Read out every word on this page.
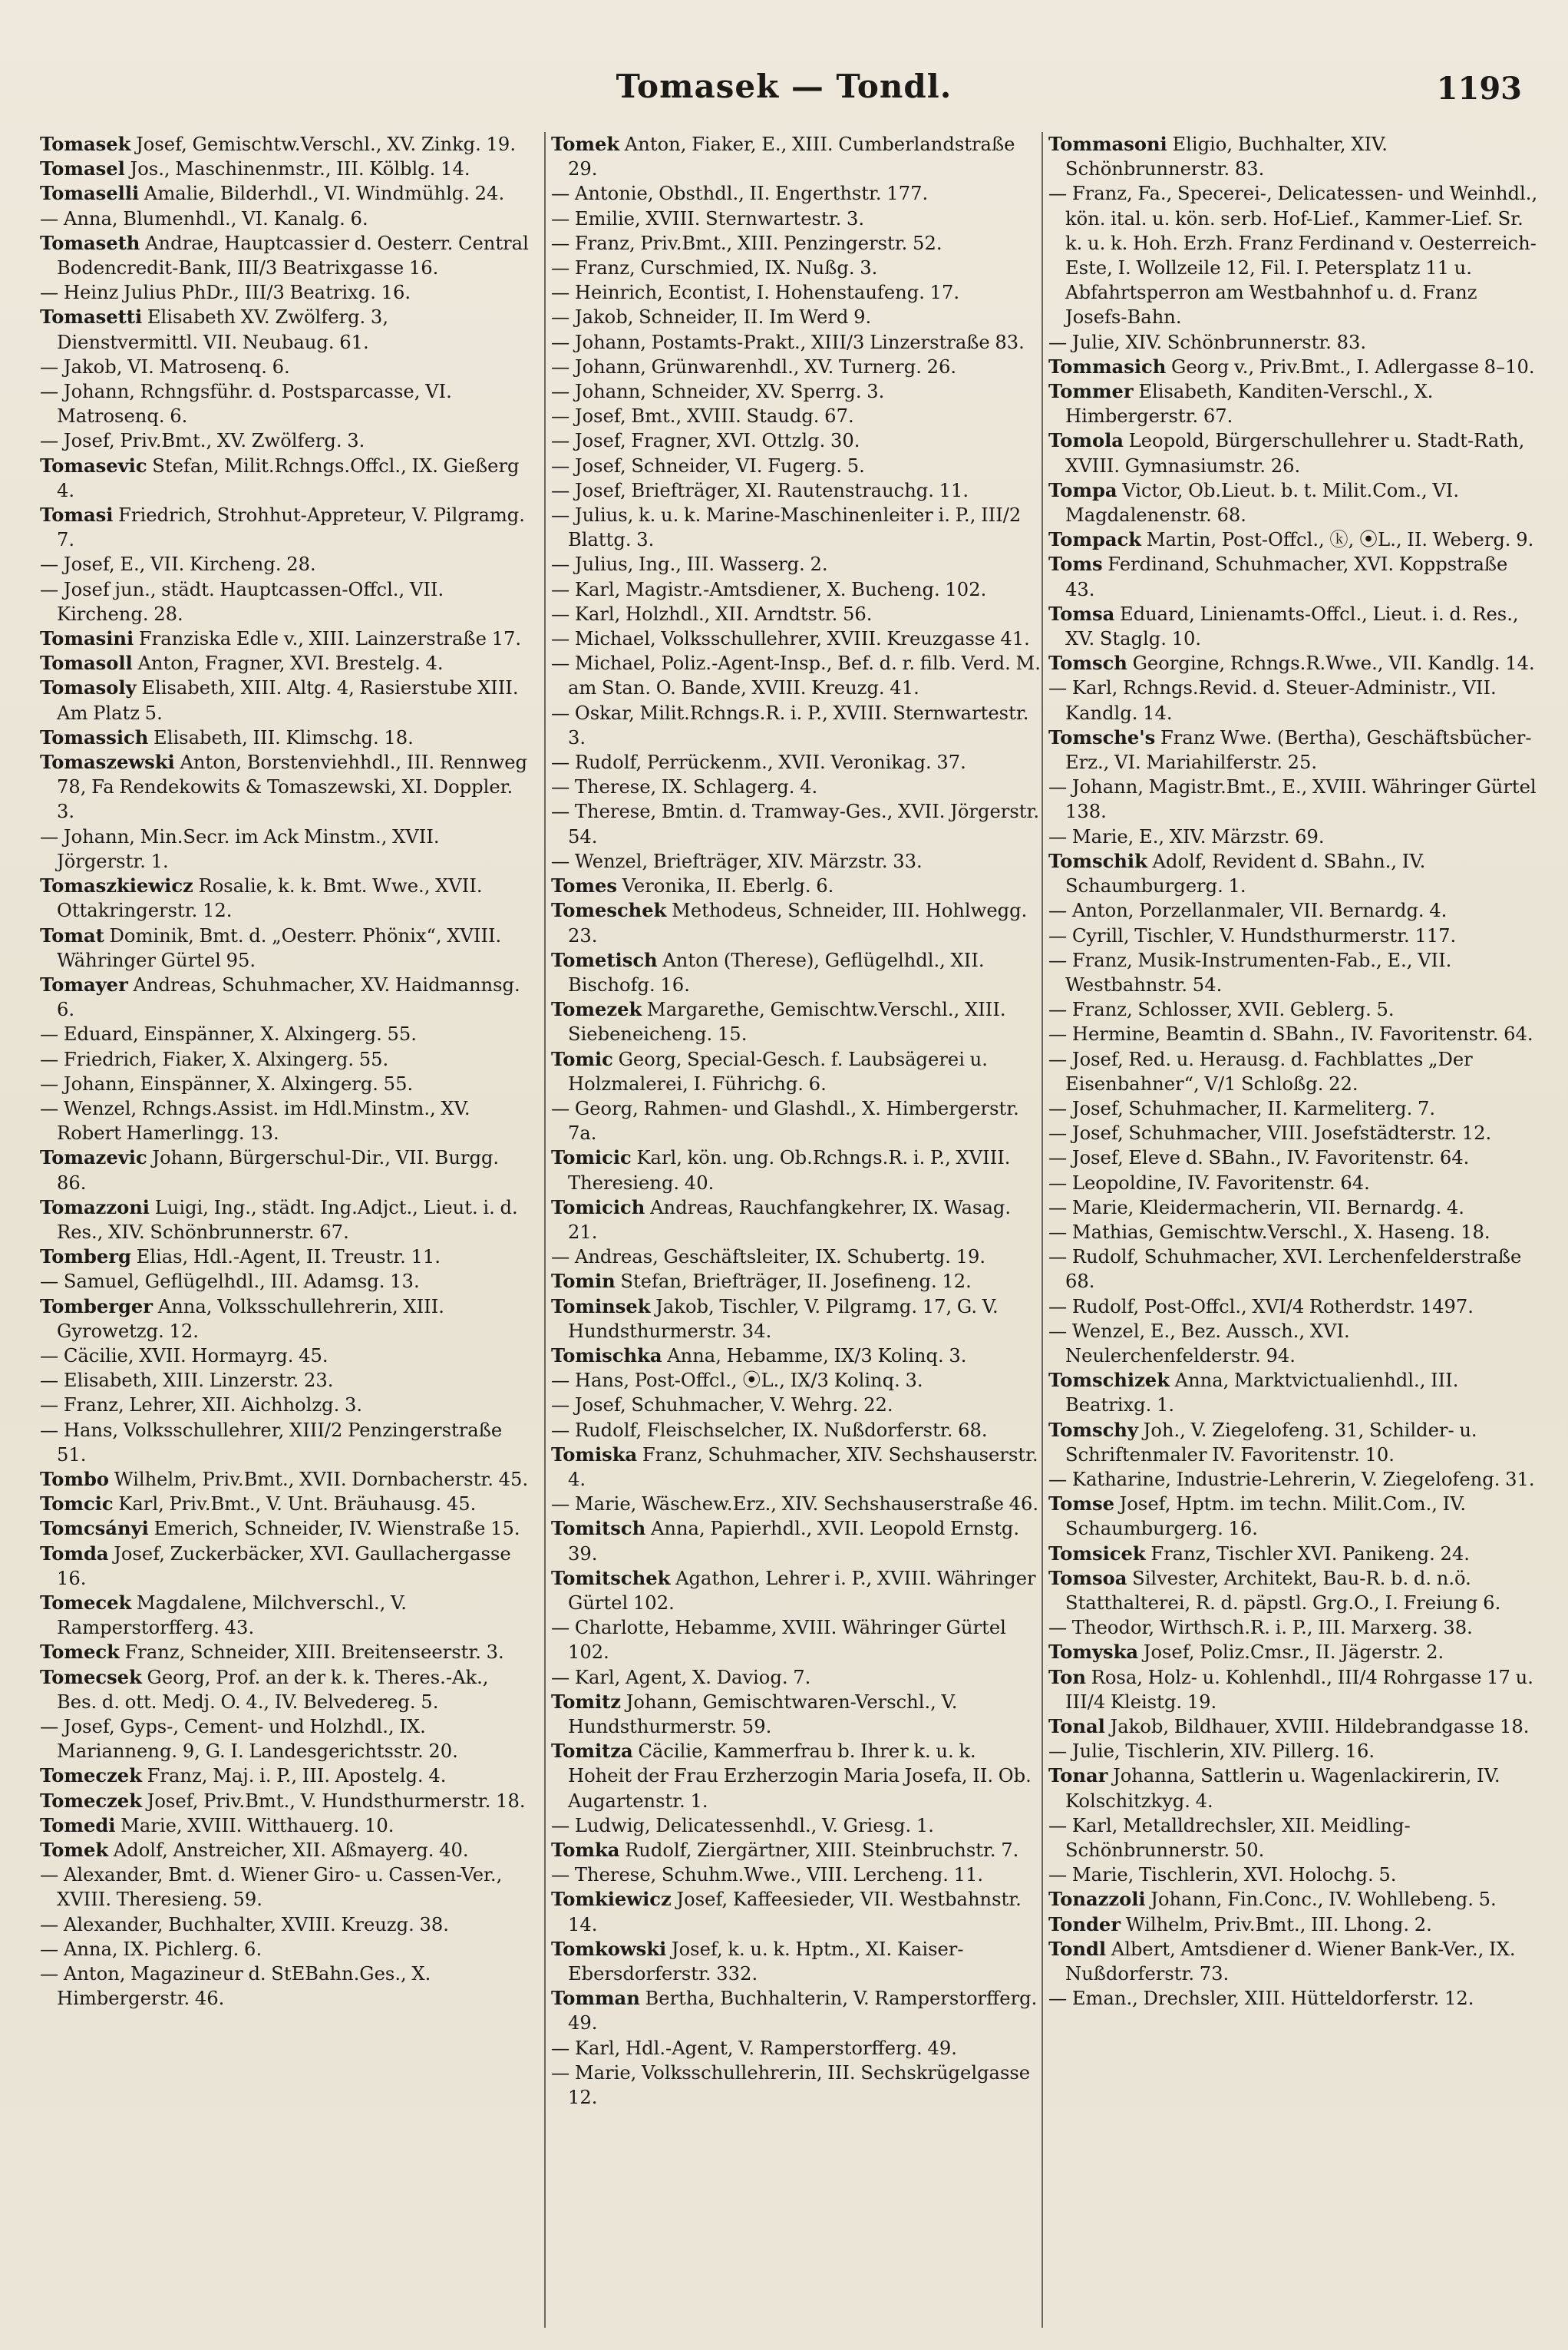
Tomasek — Tondl.	1193
Tomasek Josef, Gemischtw.Verschl., XV. Zinkg. 19.
Tomasel Jos., Maschinenmstr., III. Kölblg. 14.
Tomaselli Amalie, Bilderhdl., VI. Windmühlg. 24.
— Anna, Blumenhdl., VI. Kanalg. 6.
Tomaseth Andrae, Hauptcassier d. Oesterr. Central Bodencredit-Bank, III/3 Beatrixgasse 16.
— Heinz Julius PhDr., III/3 Beatrixg. 16.
Tomasetti Elisabeth XV. Zwölferg. 3, Dienstvermittl. VII. Neubaug. 61.
— Jakob, VI. Matrosenq. 6.
— Johann, Rchngsführ. d. Postsparcasse, VI. Matrosenq. 6.
— Josef, Priv.Bmt., XV. Zwölferg. 3.
Tomasevic Stefan, Milit.Rchngs.Offcl., IX. Gießerg 4.
Tomasi Friedrich, Strohhut-Appreteur, V. Pilgramg. 7.
— Josef, E., VII. Kircheng. 28.
— Josef jun., städt. Hauptcassen-Offcl., VII. Kircheng. 28.
Tomasini Franziska Edle v., XIII. Lainzerstraße 17.
Tomasoll Anton, Fragner, XVI. Brestelg. 4.
Tomasoly Elisabeth, XIII. Altg. 4, Rasierstube XIII. Am Platz 5.
Tomassich Elisabeth, III. Klimschg. 18.
Tomaszewski Anton, Borstenviehhdl., III. Rennweg 78, Fa Rendekowits & Tomaszewski, XI. Doppler. 3.
— Johann, Min.Secr. im Ack Minstm., XVII. Jörgerstr. 1.
Tomaszkiewicz Rosalie, k. k. Bmt. Wwe., XVII. Ottakringerstr. 12.
Tomat Dominik, Bmt. d. „Oesterr. Phönix“, XVIII. Währinger Gürtel 95.
Tomayer Andreas, Schuhmacher, XV. Haidmannsg. 6.
— Eduard, Einspänner, X. Alxingerg. 55.
— Friedrich, Fiaker, X. Alxingerg. 55.
— Johann, Einspänner, X. Alxingerg. 55.
— Wenzel, Rchngs.Assist. im Hdl.Minstm., XV. Robert Hamerlingg. 13.
Tomazevic Johann, Bürgerschul-Dir., VII. Burgg. 86.
Tomazzoni Luigi, Ing., städt. Ing.Adjct., Lieut. i. d. Res., XIV. Schönbrunnerstr. 67.
Tomberg Elias, Hdl.-Agent, II. Treustr. 11.
— Samuel, Geflügelhdl., III. Adamsg. 13.
Tomberger Anna, Volksschullehrerin, XIII. Gyrowetzg. 12.
— Cäcilie, XVII. Hormayrg. 45.
— Elisabeth, XIII. Linzerstr. 23.
— Franz, Lehrer, XII. Aichholzg. 3.
— Hans, Volksschullehrer, XIII/2 Penzingerstraße 51.
Tombo Wilhelm, Priv.Bmt., XVII. Dornbacherstr. 45.
Tomcic Karl, Priv.Bmt., V. Unt. Bräuhausg. 45.
Tomcsányi Emerich, Schneider, IV. Wienstraße 15.
Tomda Josef, Zuckerbäcker, XVI. Gaullachergasse 16.
Tomecek Magdalene, Milchverschl., V. Ramperstorfferg. 43.
Tomeck Franz, Schneider, XIII. Breitenseerstr. 3.
Tomecsek Georg, Prof. an der k. k. Theres.-Ak., Bes. d. ott. Medj. O. 4., IV. Belvedereg. 5.
— Josef, Gyps-, Cement- und Holzhdl., IX. Marianneng. 9, G. I. Landesgerichtsstr. 20.
Tomeczek Franz, Maj. i. P., III. Apostelg. 4.
Tomeczek Josef, Priv.Bmt., V. Hundsthurmerstr. 18.
Tomedi Marie, XVIII. Witthauerg. 10.
Tomek Adolf, Anstreicher, XII. Aßmayerg. 40.
— Alexander, Bmt. d. Wiener Giro- u. Cassen-Ver., XVIII. Theresieng. 59.
— Alexander, Buchhalter, XVIII. Kreuzg. 38.
— Anna, IX. Pichlerg. 6.
— Anton, Magazineur d. StEBahn.Ges., X. Himbergerstr. 46.
Tomek Anton, Fiaker, E., XIII. Cumberlandstraße 29.
— Antonie, Obsthdl., II. Engerthstr. 177.
— Emilie, XVIII. Sternwartestr. 3.
— Franz, Priv.Bmt., XIII. Penzingerstr. 52.
— Franz, Curschmied, IX. Nußg. 3.
— Heinrich, Econtist, I. Hohenstaufeng. 17.
— Jakob, Schneider, II. Im Werd 9.
— Johann, Postamts-Prakt., XIII/3 Linzerstraße 83.
— Johann, Grünwarenhdl., XV. Turnerg. 26.
— Johann, Schneider, XV. Sperrg. 3.
— Josef, Bmt., XVIII. Staudg. 67.
— Josef, Fragner, XVI. Ottzlg. 30.
— Josef, Schneider, VI. Fugerg. 5.
— Josef, Briefträger, XI. Rautenstrauchg. 11.
— Julius, k. u. k. Marine-Maschinenleiter i. P., III/2 Blattg. 3.
— Julius, Ing., III. Wasserg. 2.
— Karl, Magistr.-Amtsdiener, X. Bucheng. 102.
— Karl, Holzhdl., XII. Arndtstr. 56.
— Michael, Volksschullehrer, XVIII. Kreuzgasse 41.
— Michael, Poliz.-Agent-Insp., Bef. d. r. filb. Verd. M. am Stan. O. Bande, XVIII. Kreuzg. 41.
— Oskar, Milit.Rchngs.R. i. P., XVIII. Sternwartestr. 3.
— Rudolf, Perrückenm., XVII. Veronikag. 37.
— Therese, IX. Schlagerg. 4.
— Therese, Bmtin. d. Tramway-Ges., XVII. Jörgerstr. 54.
— Wenzel, Briefträger, XIV. Märzstr. 33.
Tomes Veronika, II. Eberlg. 6.
Tomeschek Methodeus, Schneider, III. Hohlwegg. 23.
Tometisch Anton (Therese), Geflügelhdl., XII. Bischofg. 16.
Tomezek Margarethe, Gemischtw.Verschl., XIII. Siebeneicheng. 15.
Tomic Georg, Special-Gesch. f. Laubsägerei u. Holzmalerei, I. Führichg. 6.
— Georg, Rahmen- und Glashdl., X. Himbergerstr. 7a.
Tomicic Karl, kön. ung. Ob.Rchngs.R. i. P., XVIII. Theresieng. 40.
Tomicich Andreas, Rauchfangkehrer, IX. Wasag. 21.
— Andreas, Geschäftsleiter, IX. Schubertg. 19.
Tomin Stefan, Briefträger, II. Josefineng. 12.
Tominsek Jakob, Tischler, V. Pilgramg. 17, G. V. Hundsthurmerstr. 34.
Tomischka Anna, Hebamme, IX/3 Kolinq. 3.
— Hans, Post-Offcl., ⦿L., IX/3 Kolinq. 3.
— Josef, Schuhmacher, V. Wehrg. 22.
— Rudolf, Fleischselcher, IX. Nußdorferstr. 68.
Tomiska Franz, Schuhmacher, XIV. Sechshauserstr. 4.
— Marie, Wäschew.Erz., XIV. Sechshauserstraße 46.
Tomitsch Anna, Papierhdl., XVII. Leopold Ernstg. 39.
Tomitschek Agathon, Lehrer i. P., XVIII. Währinger Gürtel 102.
— Charlotte, Hebamme, XVIII. Währinger Gürtel 102.
— Karl, Agent, X. Daviog. 7.
Tomitz Johann, Gemischtwaren-Verschl., V. Hundsthurmerstr. 59.
Tomitza Cäcilie, Kammerfrau b. Ihrer k. u. k. Hoheit der Frau Erzherzogin Maria Josefa, II. Ob. Augartenstr. 1.
— Ludwig, Delicatessenhdl., V. Griesg. 1.
Tomka Rudolf, Ziergärtner, XIII. Steinbruchstr. 7.
— Therese, Schuhm.Wwe., VIII. Lercheng. 11.
Tomkiewicz Josef, Kaffeesieder, VII. Westbahnstr. 14.
Tomkowski Josef, k. u. k. Hptm., XI. Kaiser-Ebersdorferstr. 332.
Tomman Bertha, Buchhalterin, V. Ramperstorfferg. 49.
— Karl, Hdl.-Agent, V. Ramperstorfferg. 49.
— Marie, Volksschullehrerin, III. Sechskrügelgasse 12.
Tommasoni Eligio, Buchhalter, XIV. Schönbrunnerstr. 83.
— Franz, Fa., Specerei-, Delicatessen- und Weinhdl., kön. ital. u. kön. serb. Hof-Lief., Kammer-Lief. Sr. k. u. k. Hoh. Erzh. Franz Ferdinand v. Oesterreich-Este, I. Wollzeile 12, Fil. I. Petersplatz 11 u. Abfahrtsperron am Westbahnhof u. d. Franz Josefs-Bahn.
— Julie, XIV. Schönbrunnerstr. 83.
Tommasich Georg v., Priv.Bmt., I. Adlergasse 8–10.
Tommer Elisabeth, Kanditen-Verschl., X. Himbergerstr. 67.
Tomola Leopold, Bürgerschullehrer u. Stadt-Rath, XVIII. Gymnasiumstr. 26.
Tompa Victor, Ob.Lieut. b. t. Milit.Com., VI. Magdalenenstr. 68.
Tompack Martin, Post-Offcl., ⓚ, ⦿L., II. Weberg. 9.
Toms Ferdinand, Schuhmacher, XVI. Koppstraße 43.
Tomsa Eduard, Linienamts-Offcl., Lieut. i. d. Res., XV. Staglg. 10.
Tomsch Georgine, Rchngs.R.Wwe., VII. Kandlg. 14.
— Karl, Rchngs.Revid. d. Steuer-Administr., VII. Kandlg. 14.
Tomsche's Franz Wwe. (Bertha), Geschäftsbücher-Erz., VI. Mariahilferstr. 25.
— Johann, Magistr.Bmt., E., XVIII. Währinger Gürtel 138.
— Marie, E., XIV. Märzstr. 69.
Tomschik Adolf, Revident d. SBahn., IV. Schaumburgerg. 1.
— Anton, Porzellanmaler, VII. Bernardg. 4.
— Cyrill, Tischler, V. Hundsthurmerstr. 117.
— Franz, Musik-Instrumenten-Fab., E., VII. Westbahnstr. 54.
— Franz, Schlosser, XVII. Geblerg. 5.
— Hermine, Beamtin d. SBahn., IV. Favoritenstr. 64.
— Josef, Red. u. Herausg. d. Fachblattes „Der Eisenbahner“, V/1 Schloßg. 22.
— Josef, Schuhmacher, II. Karmeliterg. 7.
— Josef, Schuhmacher, VIII. Josefstädterstr. 12.
— Josef, Eleve d. SBahn., IV. Favoritenstr. 64.
— Leopoldine, IV. Favoritenstr. 64.
— Marie, Kleidermacherin, VII. Bernardg. 4.
— Mathias, Gemischtw.Verschl., X. Haseng. 18.
— Rudolf, Schuhmacher, XVI. Lerchenfelderstraße 68.
— Rudolf, Post-Offcl., XVI/4 Rotherdstr. 1497.
— Wenzel, E., Bez. Aussch., XVI. Neulerchenfelderstr. 94.
Tomschizek Anna, Marktvictualienhdl., III. Beatrixg. 1.
Tomschy Joh., V. Ziegelofeng. 31, Schilder- u. Schriftenmaler IV. Favoritenstr. 10.
— Katharine, Industrie-Lehrerin, V. Ziegelofeng. 31.
Tomse Josef, Hptm. im techn. Milit.Com., IV. Schaumburgerg. 16.
Tomsicek Franz, Tischler XVI. Panikeng. 24.
Tomsoa Silvester, Architekt, Bau-R. b. d. n.ö. Statthalterei, R. d. päpstl. Grg.O., I. Freiung 6.
— Theodor, Wirthsch.R. i. P., III. Marxerg. 38.
Tomyska Josef, Poliz.Cmsr., II. Jägerstr. 2.
Ton Rosa, Holz- u. Kohlenhdl., III/4 Rohrgasse 17 u. III/4 Kleistg. 19.
Tonal Jakob, Bildhauer, XVIII. Hildebrandgasse 18.
— Julie, Tischlerin, XIV. Pillerg. 16.
Tonar Johanna, Sattlerin u. Wagenlackirerin, IV. Kolschitzkyg. 4.
— Karl, Metalldrechsler, XII. Meidling-Schönbrunnerstr. 50.
— Marie, Tischlerin, XVI. Holochg. 5.
Tonazzoli Johann, Fin.Conc., IV. Wohllebeng. 5.
Tonder Wilhelm, Priv.Bmt., III. Lhong. 2.
Tondl Albert, Amtsdiener d. Wiener Bank-Ver., IX. Nußdorferstr. 73.
— Eman., Drechsler, XIII. Hütteldorferstr. 12.
